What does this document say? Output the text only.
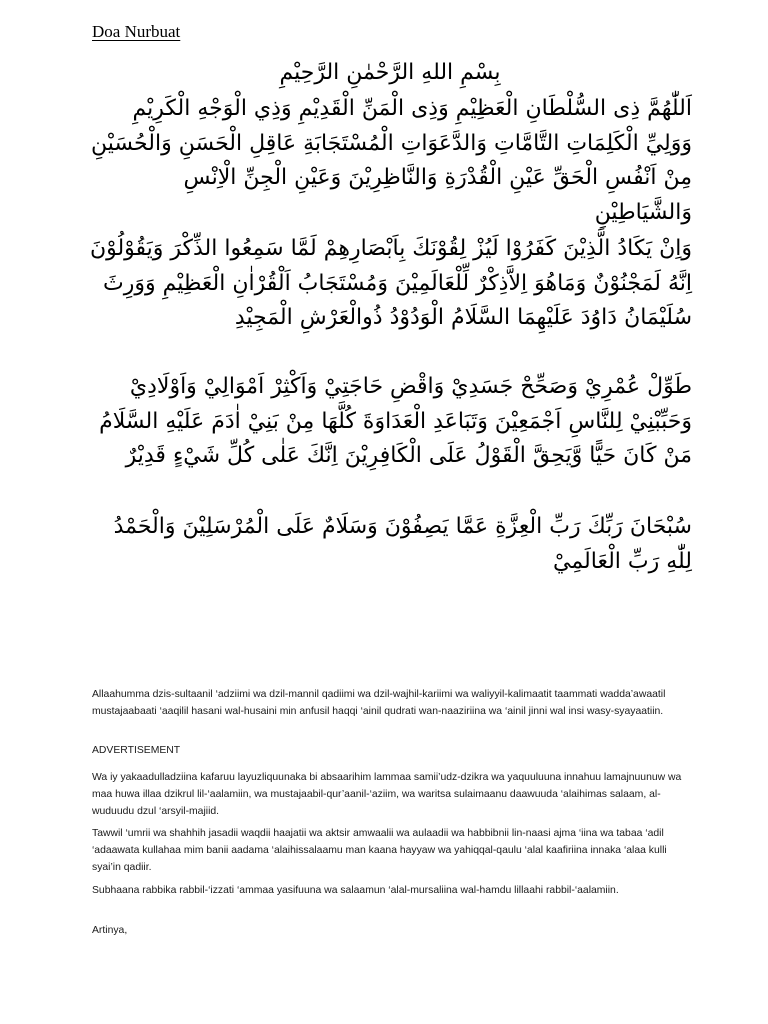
Doa Nurbuat
بِسْمِ اللهِ الرَّحْمٰنِ الرَّحِيْمِ
اَللّٰهُمَّ ذِى السُّلْطَانِ الْعَظِيْمِ وَذِى الْمَنِّ الْقَدِيْمِ وَذِي الْوَجْهِ الْكَرِيْمِ وَوَلِيِّ الْكَلِمَاتِ التَّامَّاتِ وَالدَّعَوَاتِ الْمُسْتَجَابَةِ عَاقِلِ الْحَسَنِ وَالْحُسَيْنِ مِنْ اَنْفُسِ الْحَقِّ عَيْنِ الْقُدْرَةِ وَالنَّاظِرِيْنَ وَعَيْنِ الْجِنِّ الْاِنْسِ وَالشَّيَاطِيْنِ
وَاِنْ يَكَادُ الَّذِيْنَ كَفَرُوْا لَيُزْ لِقُوْنَكَ بِاَبْصَارِهِمْ لَمَّا سَمِعُوا الذِّكْرَ وَيَقُوْلُوْنَ اِنَّهُ لَمَجْنُوْنٌ وَمَاهُوَ اِلاَّذِكْرٌ لِّلْعَالَمِيْنَ وَمُسْتَجَابُ اَلْقُرْاٰنِ الْعَظِيْمِ وَوَرِثَ سُلَيْمَانُ دَاوُدَ عَلَيْهِمَا السَّلَامُ الْوَدُوْدُ ذُوالْعَرْشِ الْمَجِيْدِ
طَوِّلْ عُمْرِيْ وَصَحِّحْ جَسَدِيْ وَاقْضِ حَاجَتِيْ وَاَكْثِرْ اَمْوَالِيْ وَاَوْلَادِيْ وَحَبِّبْنِيْ لِلنَّاسِ اَجْمَعِيْنَ وَتَبَاعَدِ الْعَدَاوَةَ كُلَّهَا مِنْ بَنِيْ اٰدَمَ عَلَيْهِ السَّلَامُ مَنْ كَانَ حَيًّا وَّيَحِقَّ الْقَوْلُ عَلَى الْكَافِرِيْنَ اِنَّكَ عَلٰى كُلِّ شَيْءٍ قَدِيْرٌ
سُبْحَانَ رَبِّكَ رَبِّ الْعِزَّةِ عَمَّا يَصِفُوْنَ وَسَلَامٌ عَلَى الْمُرْسَلِيْنَ وَالْحَمْدُ لِلّٰهِ رَبِّ الْعَالَمِيْ
Allaahumma dzis-sultaanil ‘adziimi wa dzil-mannil qadiimi wa dzil-wajhil-kariimi wa waliyyil-kalimaatit taammati wadda’awaatil mustajaabaati ‘aaqilil hasani wal-husaini min anfusil haqqi ‘ainil qudrati wan-naaziriina wa ‘ainil jinni wal insi wasy-syayaatiin.
ADVERTISEMENT
Wa iy yakaadulladziina kafaruu layuzliquunaka bi absaarihim lammaa samii’udz-dzikra wa yaquuluuna innahuu lamajnuunuw wa maa huwa illaa dzikrul lil-‘aalamiin, wa mustajaabil-qur’aanil-‘aziim, wa waritsa sulaimaanu daawuuda ‘alaihimas salaam, al-wuduudu dzul ‘arsyil-majiid.
Tawwil ‘umrii wa shahhih jasadii waqdii haajatii wa aktsir amwaalii wa aulaadii wa habbibnii lin-naasi ajma ‘iina wa tabaa ‘adil ‘adaawata kullahaa mim banii aadama ‘alaihissalaamu man kaana hayyaw wa yahiqqal-qaulu ‘alal kaafiriina innaka ‘alaa kulli syai’in qadiir.
Subhaana rabbika rabbil-‘izzati ‘ammaa yasifuuna wa salaamun ‘alal-mursaliina wal-hamdu lillaahi rabbil-‘aalamiin.
Artinya,
